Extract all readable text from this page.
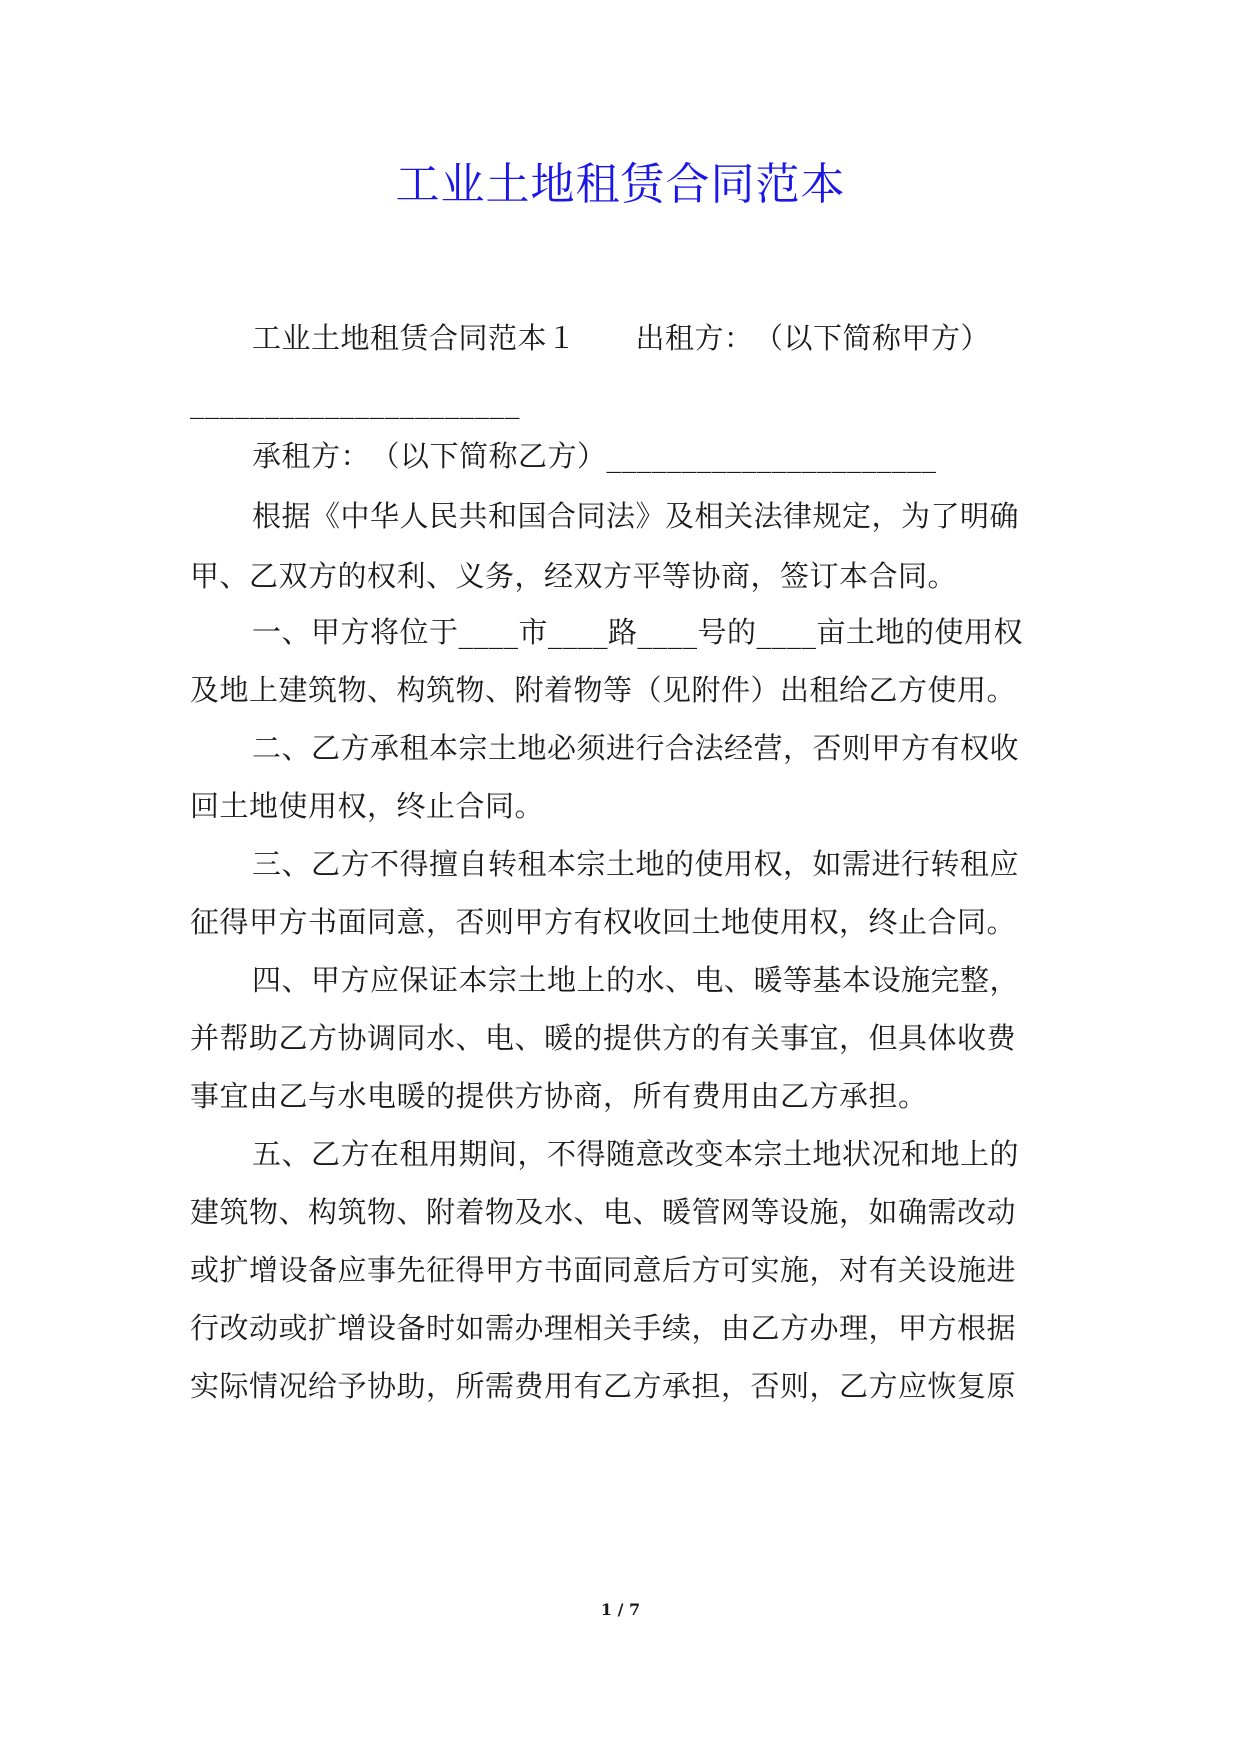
工业土地租赁合同范本
工业土地租赁合同范本１　　出租方：　（以下简称甲方）
______________________
承租方：　（以下简称乙方）______________________
根据《中华人民共和国合同法》及相关法律规定，为了明确
甲、乙双方的权利、义务，经双方平等协商，签订本合同。
一、甲方将位于____市____路____号的____亩土地的使用权
及地上建筑物、构筑物、附着物等（见附件）出租给乙方使用。
二、乙方承租本宗土地必须进行合法经营，否则甲方有权收
回土地使用权，终止合同。
三、乙方不得擅自转租本宗土地的使用权，如需进行转租应
征得甲方书面同意，否则甲方有权收回土地使用权，终止合同。
四、甲方应保证本宗土地上的水、电、暖等基本设施完整，
并帮助乙方协调同水、电、暖的提供方的有关事宜，但具体收费
事宜由乙与水电暖的提供方协商，所有费用由乙方承担。
五、乙方在租用期间，不得随意改变本宗土地状况和地上的
建筑物、构筑物、附着物及水、电、暖管网等设施，如确需改动
或扩增设备应事先征得甲方书面同意后方可实施，对有关设施进
行改动或扩增设备时如需办理相关手续，由乙方办理，甲方根据
实际情况给予协助，所需费用有乙方承担，否则，乙方应恢复原
1 / 7
